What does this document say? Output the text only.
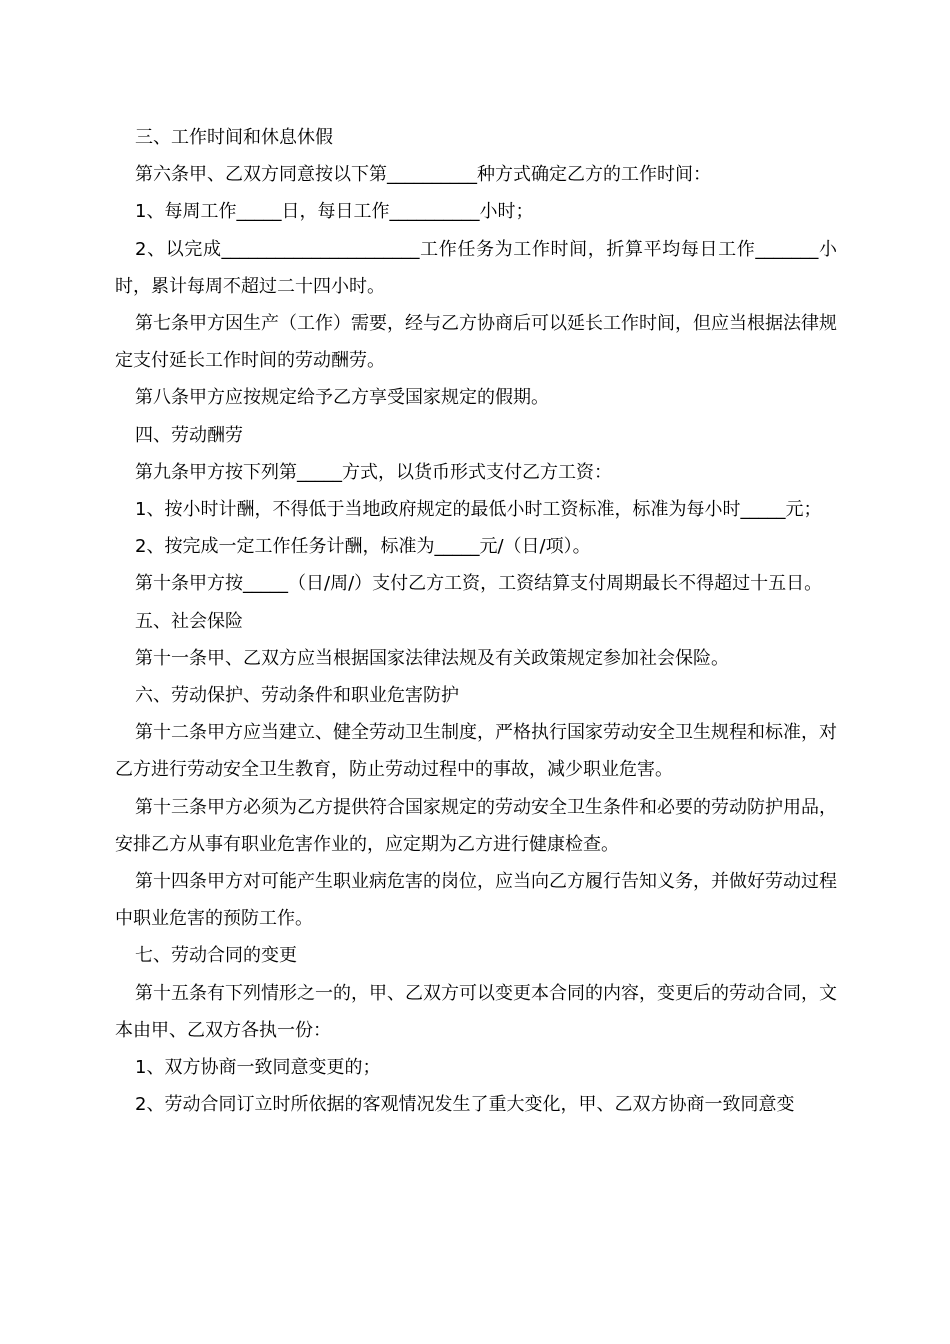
三、工作时间和休息休假

第六条甲、乙双方同意按以下第__________种方式确定乙方的工作时间：

1、每周工作_____日，每日工作__________小时；

2、以完成______________________工作任务为工作时间，折算平均每日工作_______小时，累计每周不超过二十四小时。

第七条甲方因生产（工作）需要，经与乙方协商后可以延长工作时间，但应当根据法律规定支付延长工作时间的劳动酬劳。

第八条甲方应按规定给予乙方享受国家规定的假期。

四、劳动酬劳

第九条甲方按下列第_____方式，以货币形式支付乙方工资：

1、按小时计酬，不得低于当地政府规定的最低小时工资标准，标准为每小时_____元；

2、按完成一定工作任务计酬，标准为_____元/（日/项）。

第十条甲方按_____（日/周/）支付乙方工资，工资结算支付周期最长不得超过十五日。

五、社会保险

第十一条甲、乙双方应当根据国家法律法规及有关政策规定参加社会保险。

六、劳动保护、劳动条件和职业危害防护

第十二条甲方应当建立、健全劳动卫生制度，严格执行国家劳动安全卫生规程和标准，对乙方进行劳动安全卫生教育，防止劳动过程中的事故，减少职业危害。

第十三条甲方必须为乙方提供符合国家规定的劳动安全卫生条件和必要的劳动防护用品，安排乙方从事有职业危害作业的，应定期为乙方进行健康检查。

第十四条甲方对可能产生职业病危害的岗位，应当向乙方履行告知义务，并做好劳动过程中职业危害的预防工作。

七、劳动合同的变更

第十五条有下列情形之一的，甲、乙双方可以变更本合同的内容，变更后的劳动合同，文本由甲、乙双方各执一份：

1、双方协商一致同意变更的；

2、劳动合同订立时所依据的客观情况发生了重大变化，甲、乙双方协商一致同意变
